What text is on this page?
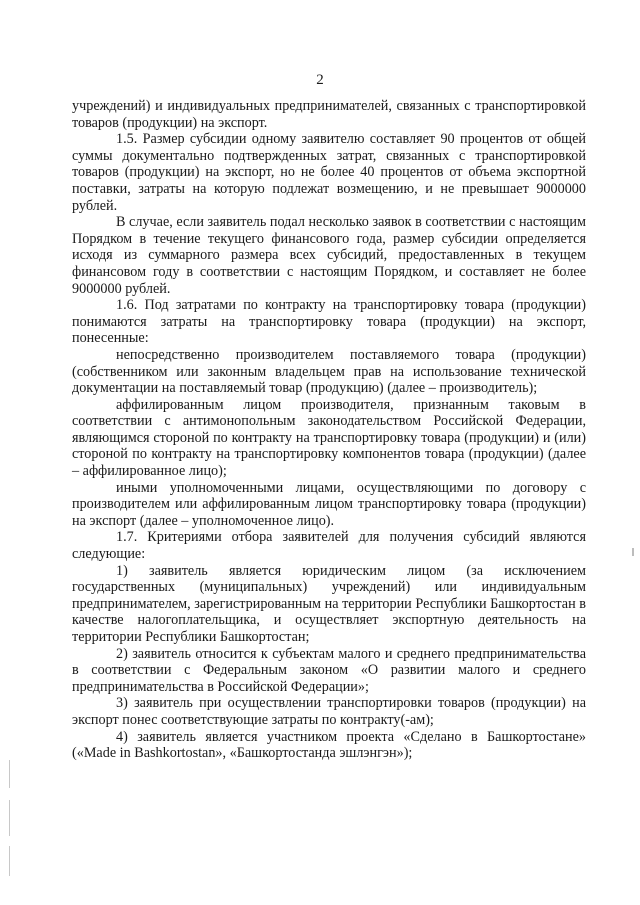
2

учреждений) и индивидуальных предпринимателей, связанных с транспортировкой товаров (продукции) на экспорт.

1.5. Размер субсидии одному заявителю составляет 90 процентов от общей суммы документально подтвержденных затрат, связанных с транспортировкой товаров (продукции) на экспорт, но не более 40 процентов от объема экспортной поставки, затраты на которую подлежат возмещению, и не превышает 9000000 рублей.

В случае, если заявитель подал несколько заявок в соответствии с настоящим Порядком в течение текущего финансового года, размер субсидии определяется исходя из суммарного размера всех субсидий, предоставленных в текущем финансовом году в соответствии с настоящим Порядком, и составляет не более 9000000 рублей.

1.6. Под затратами по контракту на транспортировку товара (продукции) понимаются затраты на транспортировку товара (продукции) на экспорт, понесенные:

непосредственно производителем поставляемого товара (продукции) (собственником или законным владельцем прав на использование технической документации на поставляемый товар (продукцию) (далее – производитель);

аффилированным лицом производителя, признанным таковым в соответствии с антимонопольным законодательством Российской Федерации, являющимся стороной по контракту на транспортировку товара (продукции) и (или) стороной по контракту на транспортировку компонентов товара (продукции) (далее – аффилированное лицо);

иными уполномоченными лицами, осуществляющими по договору с производителем или аффилированным лицом транспортировку товара (продукции) на экспорт (далее – уполномоченное лицо).

1.7. Критериями отбора заявителей для получения субсидий являются следующие:

1) заявитель является юридическим лицом (за исключением государственных (муниципальных) учреждений) или индивидуальным предпринимателем, зарегистрированным на территории Республики Башкортостан в качестве налогоплательщика, и осуществляет экспортную деятельность на территории Республики Башкортостан;

2) заявитель относится к субъектам малого и среднего предпринимательства в соответствии с Федеральным законом «О развитии малого и среднего предпринимательства в Российской Федерации»;

3) заявитель при осуществлении транспортировки товаров (продукции) на экспорт понес соответствующие затраты по контракту(-ам);

4) заявитель является участником проекта «Сделано в Башкортостане» («Made in Bashkortostan», «Башкортостанда эшлэнгэн»);
